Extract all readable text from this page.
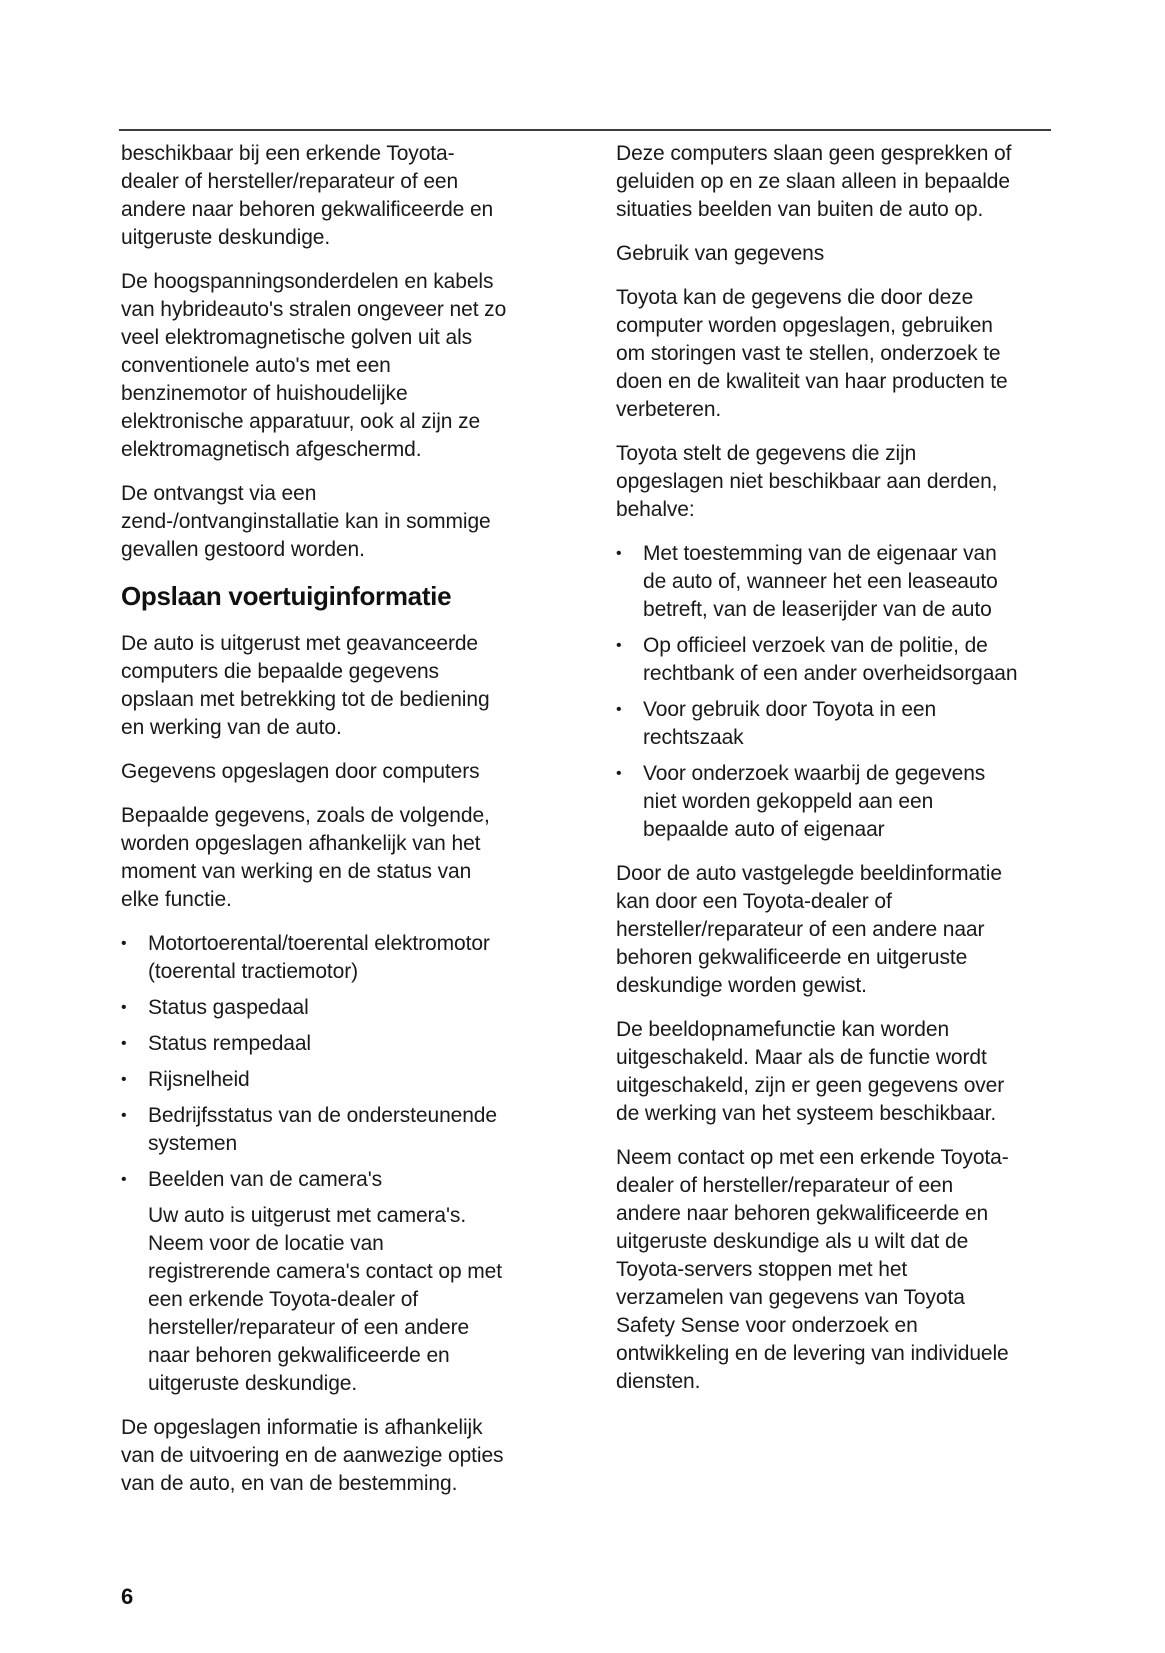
beschikbaar bij een erkende Toyota-dealer of hersteller/reparateur of een andere naar behoren gekwalificeerde en uitgeruste deskundige.

De hoogspanningsonderdelen en kabels van hybrideauto's stralen ongeveer net zo veel elektromagnetische golven uit als conventionele auto's met een benzinemotor of huishoudelijke elektronische apparatuur, ook al zijn ze elektromagnetisch afgeschermd.

De ontvangst via een zend-/ontvanginstallatie kan in sommige gevallen gestoord worden.

Opslaan voertuiginformatie

De auto is uitgerust met geavanceerde computers die bepaalde gegevens opslaan met betrekking tot de bediening en werking van de auto.

Gegevens opgeslagen door computers

Bepaalde gegevens, zoals de volgende, worden opgeslagen afhankelijk van het moment van werking en de status van elke functie.

•	Motortoerental/toerental elektromotor (toerental tractiemotor)
•	Status gaspedaal
•	Status rempedaal
•	Rijsnelheid
•	Bedrijfsstatus van de ondersteunende systemen
•	Beelden van de camera's
Uw auto is uitgerust met camera's. Neem voor de locatie van registrerende camera's contact op met een erkende Toyota-dealer of hersteller/reparateur of een andere naar behoren gekwalificeerde en uitgeruste deskundige.

De opgeslagen informatie is afhankelijk van de uitvoering en de aanwezige opties van de auto, en van de bestemming.

Deze computers slaan geen gesprekken of geluiden op en ze slaan alleen in bepaalde situaties beelden van buiten de auto op.

Gebruik van gegevens

Toyota kan de gegevens die door deze computer worden opgeslagen, gebruiken om storingen vast te stellen, onderzoek te doen en de kwaliteit van haar producten te verbeteren.

Toyota stelt de gegevens die zijn opgeslagen niet beschikbaar aan derden, behalve:

•	Met toestemming van de eigenaar van de auto of, wanneer het een leaseauto betreft, van de leaserijder van de auto
•	Op officieel verzoek van de politie, de rechtbank of een ander overheidsorgaan
•	Voor gebruik door Toyota in een rechtszaak
•	Voor onderzoek waarbij de gegevens niet worden gekoppeld aan een bepaalde auto of eigenaar

Door de auto vastgelegde beeldinformatie kan door een Toyota-dealer of hersteller/reparateur of een andere naar behoren gekwalificeerde en uitgeruste deskundige worden gewist.

De beeldopnamefunctie kan worden uitgeschakeld. Maar als de functie wordt uitgeschakeld, zijn er geen gegevens over de werking van het systeem beschikbaar.

Neem contact op met een erkende Toyota-dealer of hersteller/reparateur of een andere naar behoren gekwalificeerde en uitgeruste deskundige als u wilt dat de Toyota-servers stoppen met het verzamelen van gegevens van Toyota Safety Sense voor onderzoek en ontwikkeling en de levering van individuele diensten.

6
